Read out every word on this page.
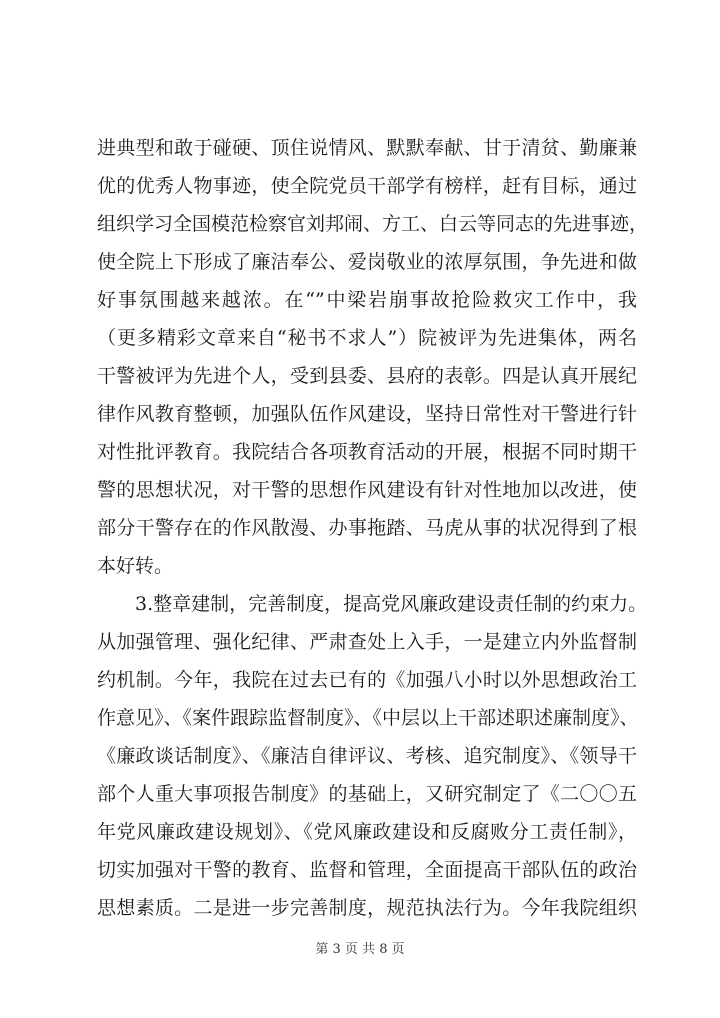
进典型和敢于碰硬、顶住说情风、默默奉献、甘于清贫、勤廉兼
优的优秀人物事迹，使全院党员干部学有榜样，赶有目标，通过
组织学习全国模范检察官刘邦闹、方工、白云等同志的先进事迹，
使全院上下形成了廉洁奉公、爱岗敬业的浓厚氛围，争先进和做
好事氛围越来越浓。在“”中梁岩崩事故抢险救灾工作中，我
（更多精彩文章来自“秘书不求人”）院被评为先进集体，两名
干警被评为先进个人，受到县委、县府的表彰。四是认真开展纪
律作风教育整顿，加强队伍作风建设，坚持日常性对干警进行针
对性批评教育。我院结合各项教育活动的开展，根据不同时期干
警的思想状况，对干警的思想作风建设有针对性地加以改进，使
部分干警存在的作风散漫、办事拖踏、马虎从事的状况得到了根
本好转。
3.整章建制，完善制度，提高党风廉政建设责任制的约束力。
从加强管理、强化纪律、严肃查处上入手，一是建立内外监督制
约机制。今年，我院在过去已有的《加强八小时以外思想政治工
作意见》、《案件跟踪监督制度》、《中层以上干部述职述廉制度》、
《廉政谈话制度》、《廉洁自律评议、考核、追究制度》、《领导干
部个人重大事项报告制度》的基础上，又研究制定了《二〇〇五
年党风廉政建设规划》、《党风廉政建设和反腐败分工责任制》，
切实加强对干警的教育、监督和管理，全面提高干部队伍的政治
思想素质。二是进一步完善制度，规范执法行为。今年我院组织
第 3 页 共 8 页
